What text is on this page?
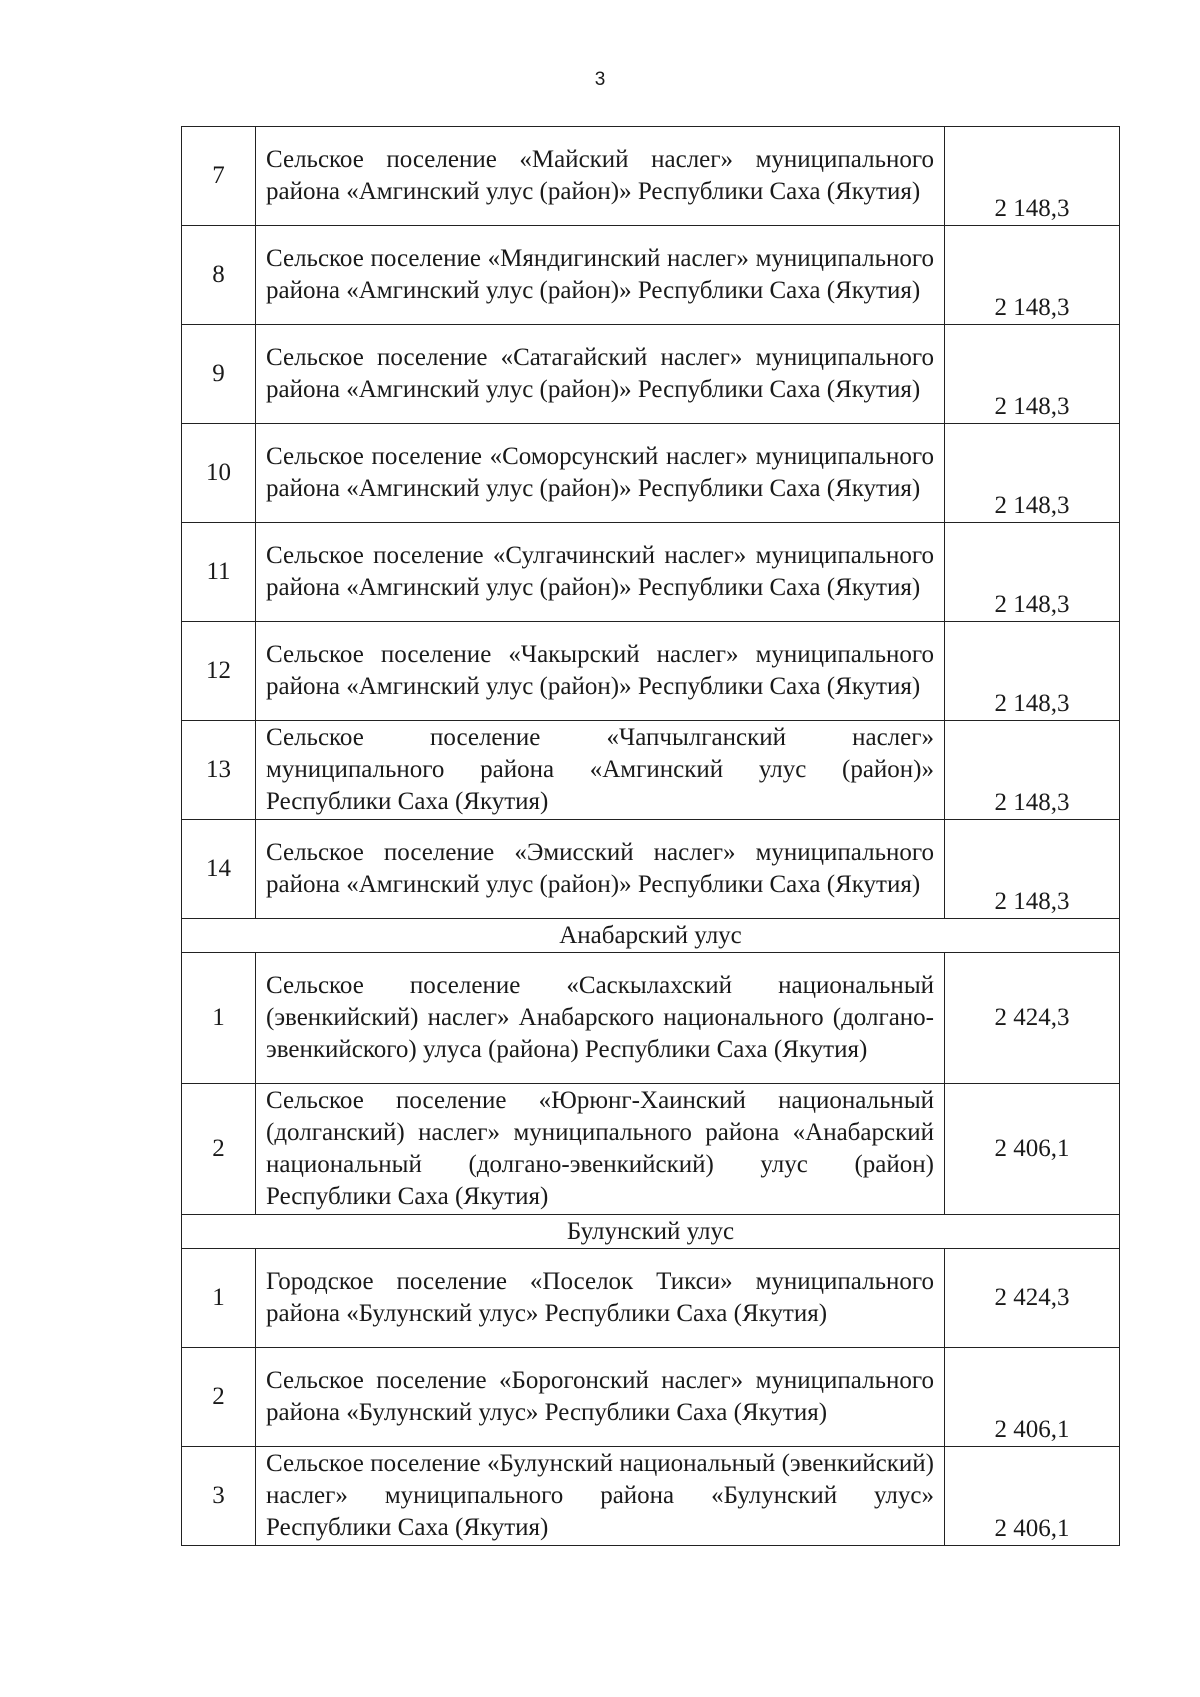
3
7	Сельское поселение «Майский наслег» муниципального района «Амгинский улус (район)» Республики Саха (Якутия)	2 148,3
8	Сельское поселение «Мяндигинский наслег» муниципального района «Амгинский улус (район)» Республики Саха (Якутия)	2 148,3
9	Сельское поселение «Сатагайский наслег» муниципального района «Амгинский улус (район)» Республики Саха (Якутия)	2 148,3
10	Сельское поселение «Соморсунский наслег» муниципального района «Амгинский улус (район)» Республики Саха (Якутия)	2 148,3
11	Сельское поселение «Сулгачинский наслег» муниципального района «Амгинский улус (район)» Республики Саха (Якутия)	2 148,3
12	Сельское поселение «Чакырский наслег» муниципального района «Амгинский улус (район)» Республики Саха (Якутия)	2 148,3
13	Сельское поселение «Чапчылганский наслег» муниципального района «Амгинский улус (район)» Республики Саха (Якутия)	2 148,3
14	Сельское поселение «Эмисский наслег» муниципального района «Амгинский улус (район)» Республики Саха (Якутия)	2 148,3
Анабарский улус		
1	Сельское поселение «Саскылахский национальный (эвенкийский) наслег» Анабарского национального (долгано-эвенкийского) улуса (района) Республики Саха (Якутия)	2 424,3
2	Сельское поселение «Юрюнг-Хаинский национальный (долганский) наслег» муниципального района «Анабарский национальный (долгано-эвенкийский) улус (район) Республики Саха (Якутия)	2 406,1
Булунский улус		
1	Городское поселение «Поселок Тикси» муниципального района «Булунский улус» Республики Саха (Якутия)	2 424,3
2	Сельское поселение «Борогонский наслег» муниципального района «Булунский улус» Республики Саха (Якутия)	2 406,1
3	Сельское поселение «Булунский национальный (эвенкийский) наслег» муниципального района «Булунский улус» Республики Саха (Якутия)	2 406,1
